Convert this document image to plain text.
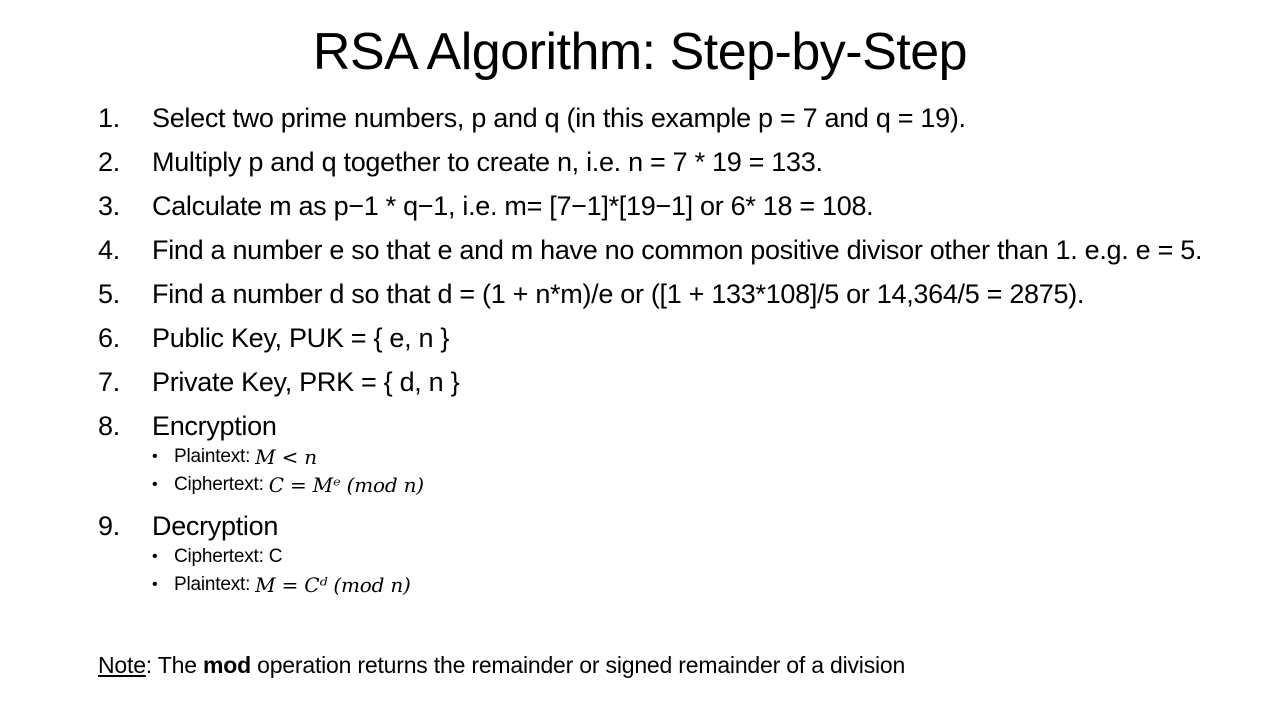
RSA Algorithm: Step-by-Step
1.	Select two prime numbers, p and q (in this example p = 7 and q = 19).
2.	Multiply p and q together to create n, i.e. n = 7 * 19 = 133.
3.	Calculate m as p−1 * q−1, i.e. m= [7−1]*[19−1] or 6* 18 = 108.
4.	Find a number e so that e and m have no common positive divisor other than 1. e.g. e = 5.
5.	Find a number d so that d = (1 + n*m)/e or ([1 + 133*108]/5 or 14,364/5 = 2875).
6.	Public Key, PUK = { e, n }
7.	Private Key, PRK = { d, n }
8.	Encryption
• Plaintext: M < n
• Ciphertext: C = Mᵉ (mod n)
9.	Decryption
• Ciphertext: C
• Plaintext: M = Cᵈ (mod n)
Note: The mod operation returns the remainder or signed remainder of a division
